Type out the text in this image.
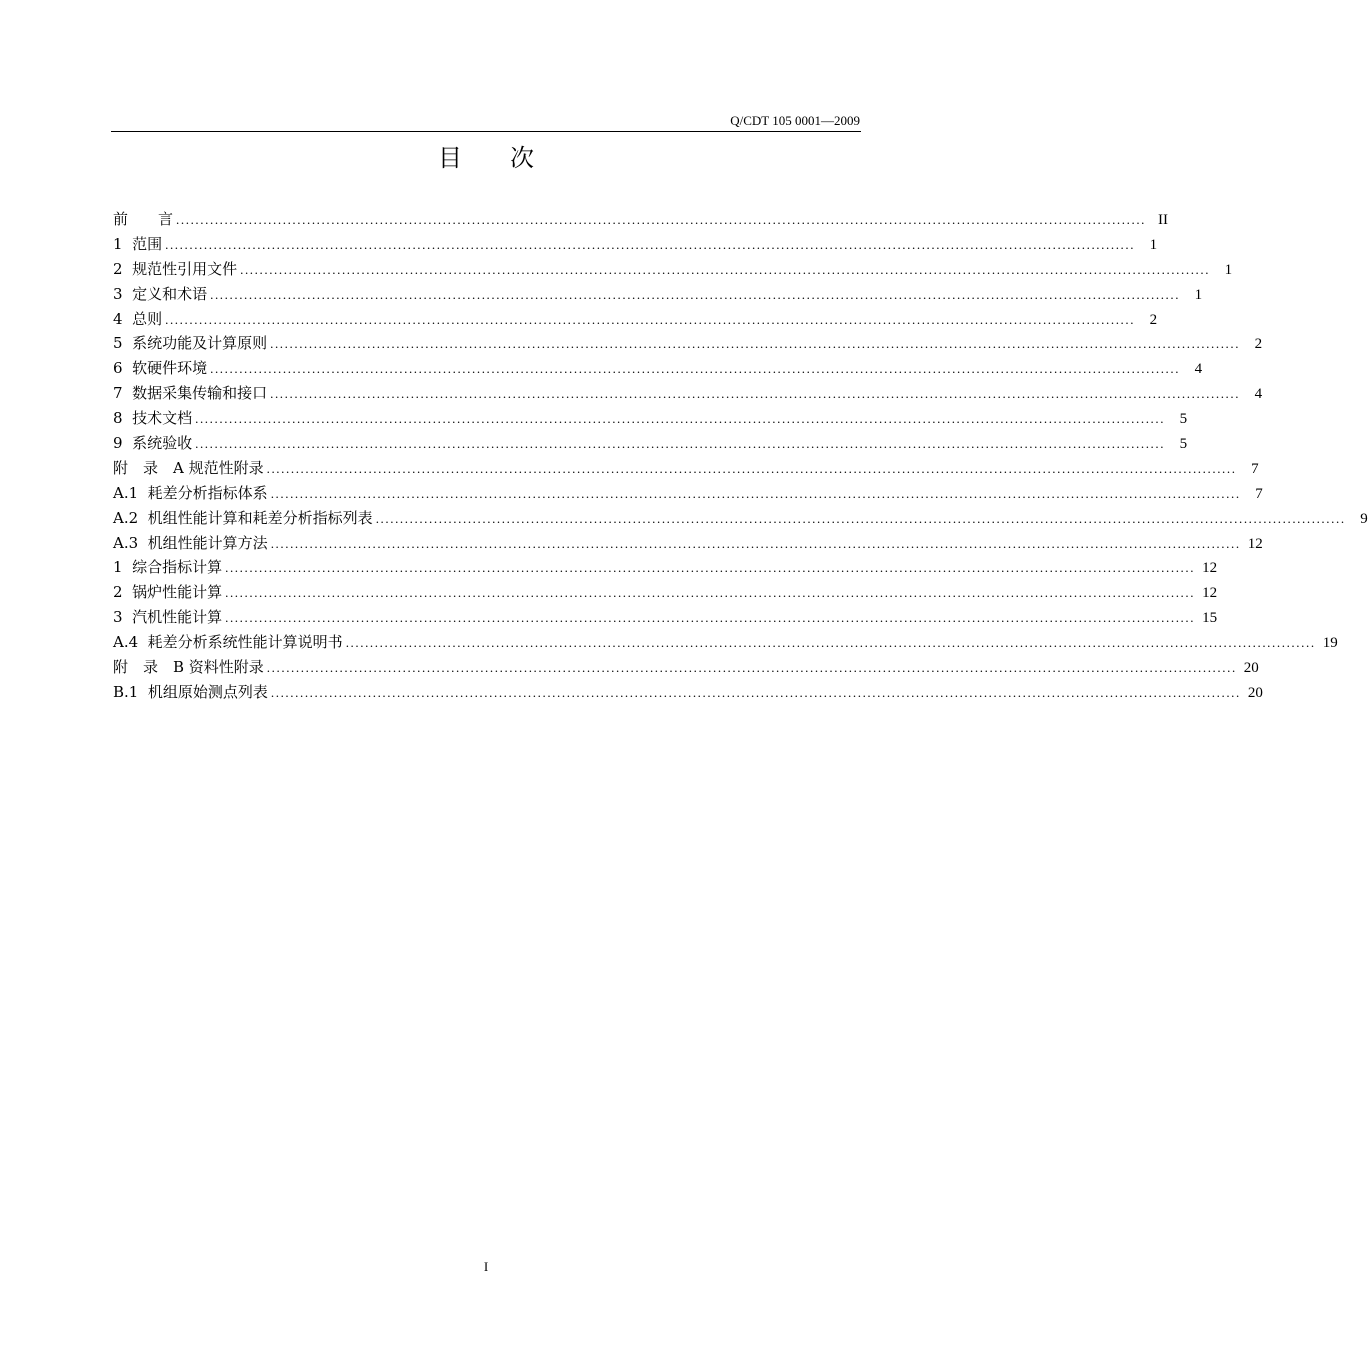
Q/CDT 105 0001—2009
目　　次
前　　言 ........................................................................................................................................................................................................ II
1  范围 ........................................................................................................................................................................................................ 1
2  规范性引用文件 ........................................................................................................................................................................................................ 1
3  定义和术语 ........................................................................................................................................................................................................ 1
4  总则 ........................................................................................................................................................................................................ 2
5  系统功能及计算原则 ........................................................................................................................................................................................................ 2
6  软硬件环境 ........................................................................................................................................................................................................ 4
7  数据采集传输和接口 ........................................................................................................................................................................................................ 4
8  技术文档 ........................................................................................................................................................................................................ 5
9  系统验收 ........................................................................................................................................................................................................ 5
附　录　A 规范性附录 ........................................................................................................................................................................................................ 7
A.1  耗差分析指标体系 ........................................................................................................................................................................................................ 7
A.2  机组性能计算和耗差分析指标列表 ........................................................................................................................................................................................................ 9
A.3  机组性能计算方法 ........................................................................................................................................................................................................ 12
1  综合指标计算 ........................................................................................................................................................................................................ 12
2  锅炉性能计算 ........................................................................................................................................................................................................ 12
3  汽机性能计算 ........................................................................................................................................................................................................ 15
A.4  耗差分析系统性能计算说明书 ........................................................................................................................................................................................................ 19
附　录　B 资料性附录 ........................................................................................................................................................................................................ 20
B.1  机组原始测点列表 ........................................................................................................................................................................................................ 20
I
